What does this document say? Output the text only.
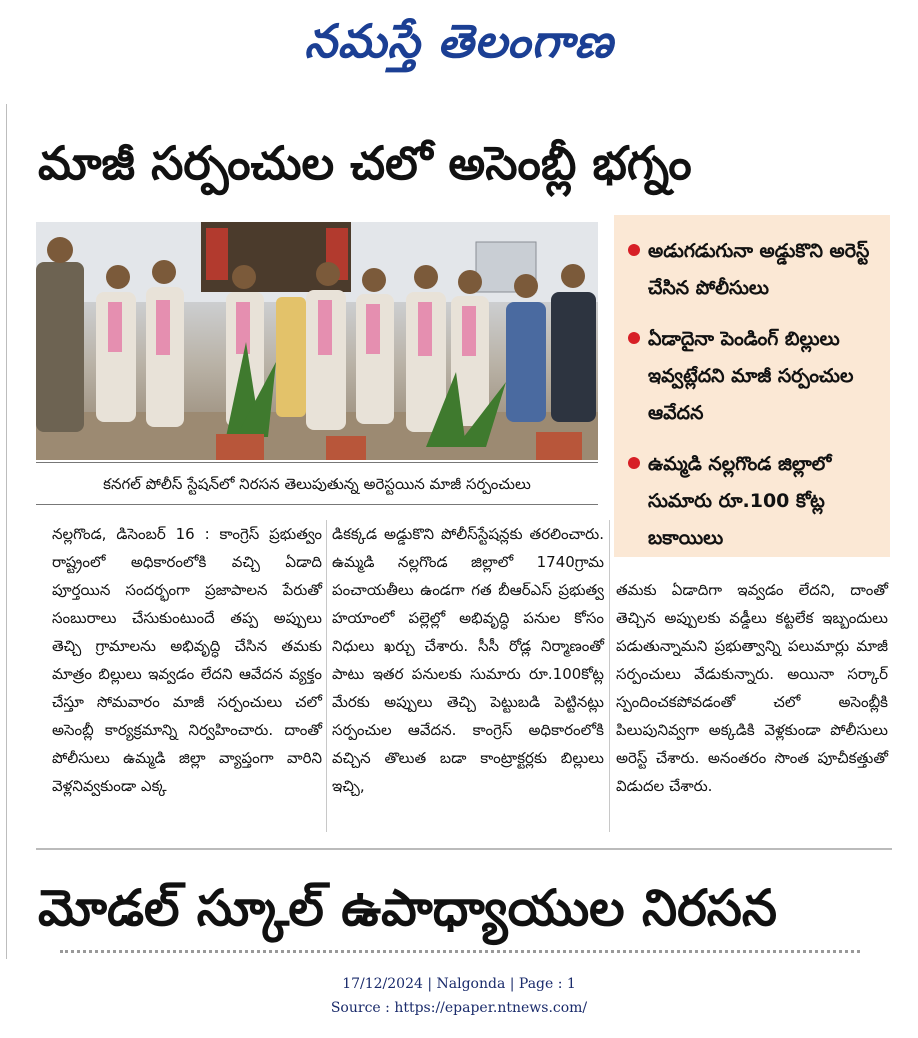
నమస్తే తెలంగాణ
మాజీ సర్పంచుల చలో అసెంబ్లీ భగ్నం
కనగల్‌ పోలీస్‌ స్టేషన్‌లో నిరసన తెలుపుతున్న అరెస్టయిన మాజీ సర్పంచులు
అడుగడుగునా అడ్డుకొని అరెస్ట్‌ చేసిన పోలీసులు
ఏడాదైనా పెండింగ్‌ బిల్లులు ఇవ్వట్లేదని మాజీ సర్పంచుల ఆవేదన
ఉమ్మడి నల్లగొండ జిల్లాలో సుమారు రూ.100 కోట్ల బకాయిలు
నల్లగొండ, డిసెంబర్‌ 16 : కాంగ్రెస్‌ ప్రభుత్వం రాష్ట్రంలో అధికారంలోకి వచ్చి ఏడాది పూర్తయిన సందర్భంగా ప్రజాపాలన పేరుతో సంబురాలు చేసుకుంటుందే తప్ప అప్పులు తెచ్చి గ్రామాలను అభివృద్ధి చేసిన తమకు మాత్రం బిల్లులు ఇవ్వడం లేదని ఆవేదన వ్యక్తం చేస్తూ సోమవారం మాజీ సర్పంచులు చలో అసెంబ్లీ కార్యక్రమాన్ని నిర్వహించారు. దాంతో పోలీసులు ఉమ్మడి జిల్లా వ్యాప్తంగా వారిని వెళ్లనివ్వకుండా ఎక్క
డికక్కడ అడ్డుకొని పోలీస్‌స్టేషన్లకు తరలించారు. ఉమ్మడి నల్లగొండ జిల్లాలో 1740గ్రామ పంచాయతీలు ఉండగా గత బీఆర్‌ఎస్‌ ప్రభుత్వ హయాంలో పల్లెల్లో అభివృద్ధి పనుల కోసం నిధులు ఖర్చు చేశారు. సీసీ రోడ్ల నిర్మాణంతో పాటు ఇతర పనులకు సుమారు రూ.100కోట్ల మేరకు అప్పులు తెచ్చి పెట్టుబడి పెట్టినట్లు సర్పంచుల ఆవేదన. కాంగ్రెస్‌ అధికారంలోకి వచ్చిన తొలుత బడా కాంట్రాక్టర్లకు బిల్లులు ఇచ్చి,
తమకు ఏడాదిగా ఇవ్వడం లేదని, దాంతో తెచ్చిన అప్పులకు వడ్డీలు కట్టలేక ఇబ్బందులు పడుతున్నామని ప్రభుత్వాన్ని పలుమార్లు మాజీ సర్పంచులు వేడుకున్నారు. అయినా సర్కార్‌ స్పందించకపోవడంతో చలో అసెంబ్లీకి పిలుపునివ్వగా అక్కడికి వెళ్లకుండా పోలీసులు అరెస్ట్‌ చేశారు. అనంతరం సొంత పూచీకత్తుతో విడుదల చేశారు.
మోడల్‌ స్కూల్‌ ఉపాధ్యాయుల నిరసన
17/12/2024 | Nalgonda | Page : 1
Source : https://epaper.ntnews.com/
